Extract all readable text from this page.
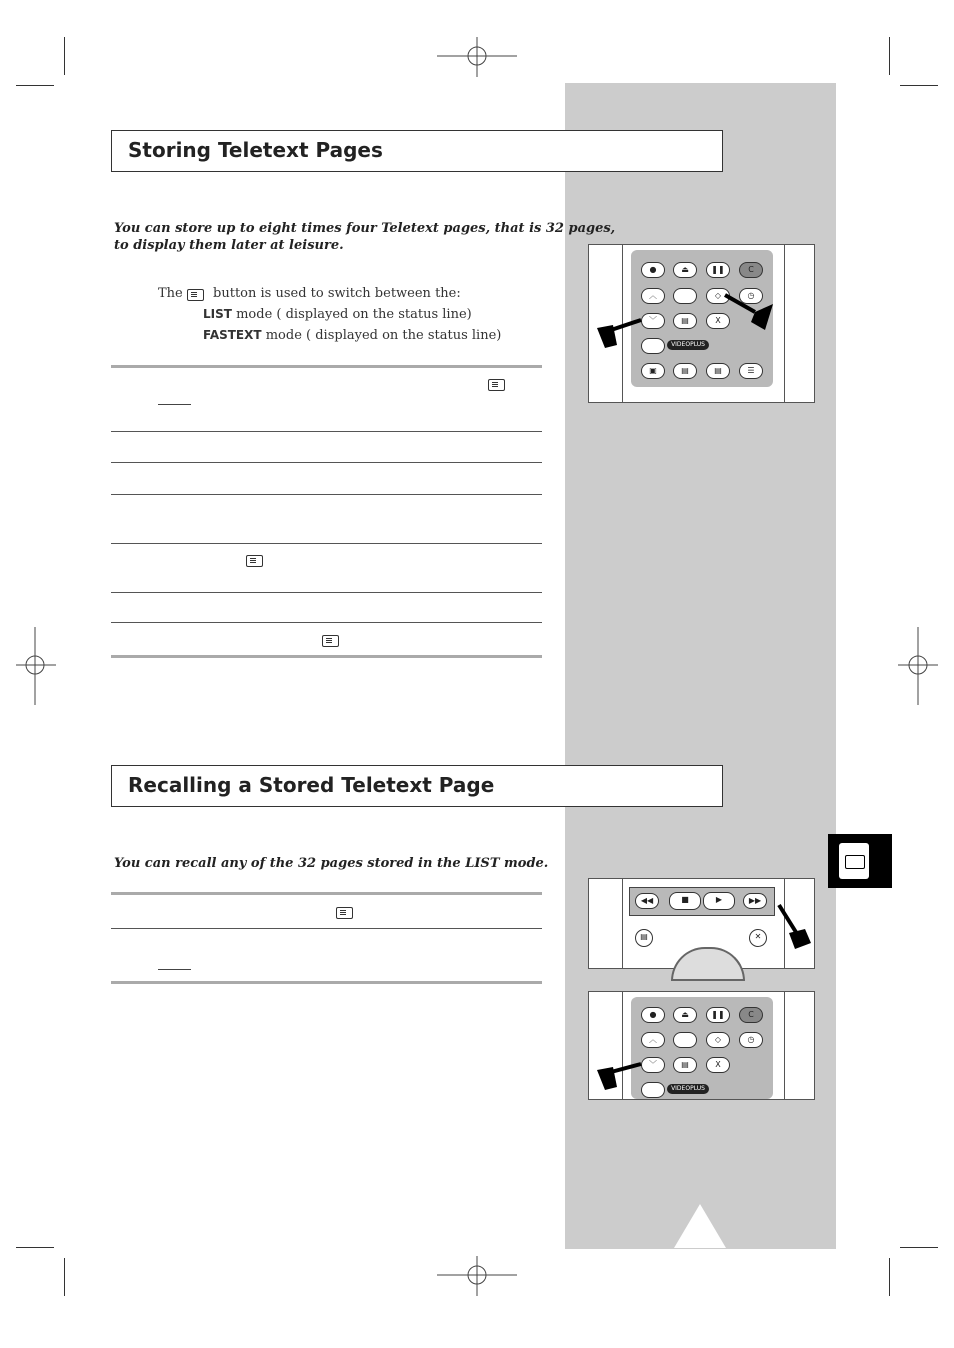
Storing Teletext Pages
You can store up to eight times four Teletext pages, that is 32 pages,
to display them later at leisure.
The button is used to switch between the:
LIST mode ( displayed on the status line)
FASTEXT mode ( displayed on the status line)
●	⏏	❚❚	C
︿	◇	◷
﹀	▤	X
VIDEOPLUS
▣	▤	▤	☰
Recalling a Stored Teletext Page
You can recall any of the 32 pages stored in the LIST mode.
◀◀	■	▶	▶▶
▤	✕
●	⏏	❚❚	C
︿	◇	◷
﹀	▤	X
VIDEOPLUS
